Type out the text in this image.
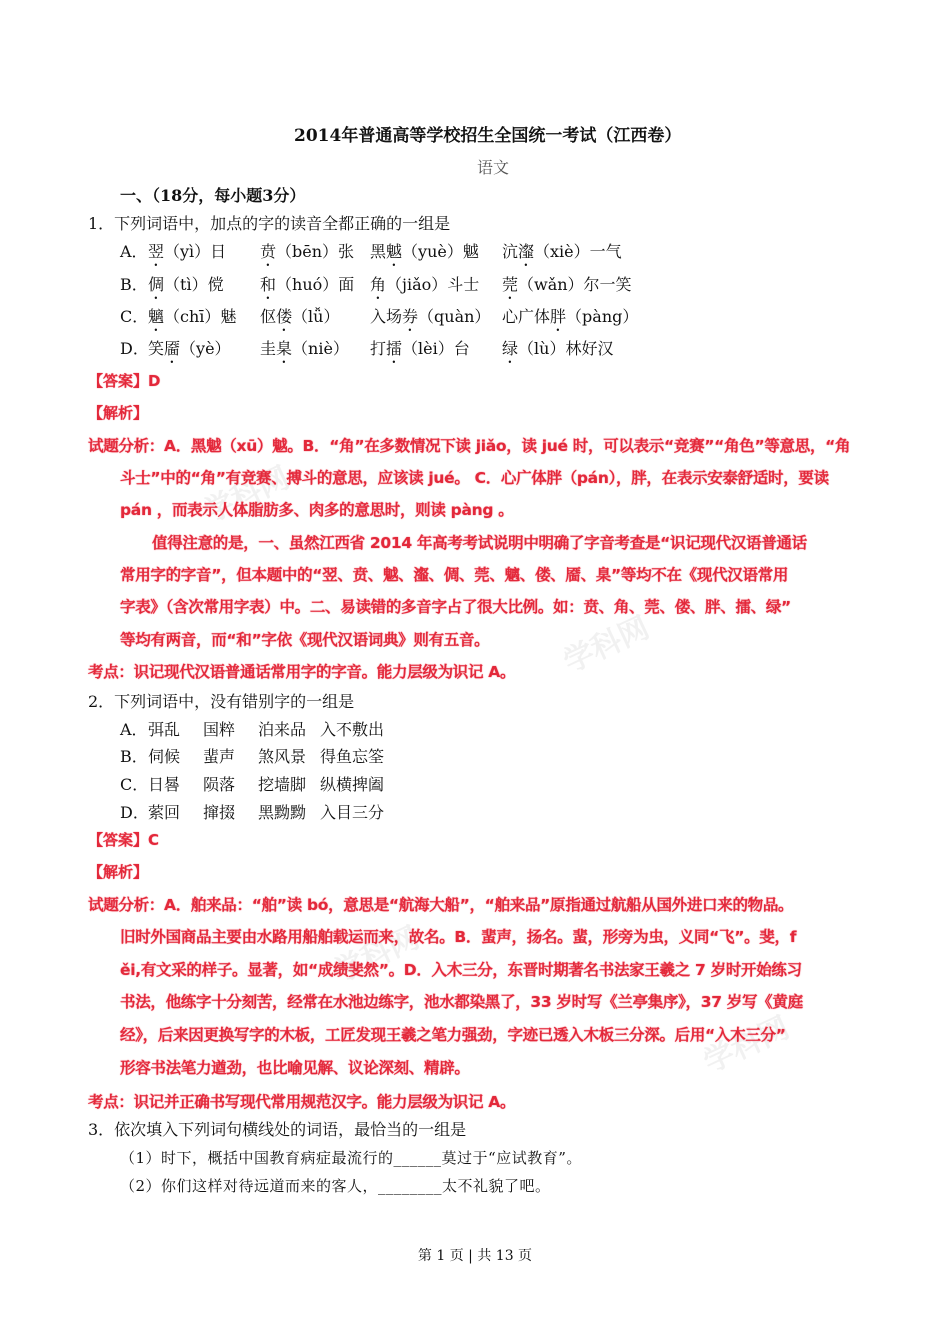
学科网
学科网
学科网
学科网
2014年普通高等学校招生全国统一考试（江西卷）
语文
一、（18分，每小题3分）
1．下列词语中，加点的字的读音全都正确的一组是
A． 翌（yì）日 贲（bēn）张 黑魆（yuè）魆 沆瀣（xiè）一气
B． 倜（tì）傥 和（huó）面 角（jiǎo）斗士 莞（wǎn）尔一笑
C． 魑（chī）魅 伛偻（lǚ） 入场券（quàn） 心广体胖（pàng）
D． 笑靥（yè） 圭臬（niè） 打擂（lèi）台 绿（lù）林好汉
【答案】D
【解析】
试题分析：A．黑魆（xū）魆。B．“角”在多数情况下读 jiǎo，读 jué 时，可以表示“竞赛”“角色”等意思，“角
斗士”中的“角”有竞赛、搏斗的意思，应该读 jué。 C．心广体胖（pán），胖，在表示安泰舒适时，要读
pán ，而表示人体脂肪多、肉多的意思时，则读 pàng 。
值得注意的是，一、虽然江西省 2014 年高考考试说明中明确了字音考查是“识记现代汉语普通话
常用字的字音”，但本题中的“翌、贲、魆、瀣、倜、莞、魑、偻、靥、臬”等均不在《现代汉语常用
字表》（含次常用字表）中。二、易读错的多音字占了很大比例。如：贲、角、莞、偻、胖、擂、绿”
等均有两音，而“和”字依《现代汉语词典》则有五音。
考点：识记现代汉语普通话常用字的字音。能力层级为识记 A。
2．下列词语中，没有错别字的一组是
A． 弭乱 国粹 泊来品 入不敷出
B． 伺候 蜚声 煞风景 得鱼忘筌
C． 日晷 陨落 挖墙脚 纵横捭阖
D． 萦回 撺掇 黑黝黝 入目三分
【答案】C
【解析】
试题分析：A．舶来品：“舶”读 bó，意思是“航海大船”，“舶来品”原指通过航船从国外进口来的物品。
旧时外国商品主要由水路用船舶载运而来，故名。B．蜚声，扬名。蜚，形旁为虫，义同“飞”。斐，f
ěi,有文采的样子。显著，如“成绩斐然”。D．入木三分，东晋时期著名书法家王羲之 7 岁时开始练习
书法，他练字十分刻苦，经常在水池边练字，池水都染黑了，33 岁时写《兰亭集序》，37 岁写《黄庭
经》，后来因更换写字的木板，工匠发现王羲之笔力强劲，字迹已透入木板三分深。后用“入木三分”
形容书法笔力遒劲，也比喻见解、议论深刻、精辟。
考点：识记并正确书写现代常用规范汉字。能力层级为识记 A。
3．依次填入下列词句横线处的词语，最恰当的一组是
（1）时下，概括中国教育病症最流行的______莫过于“应试教育”。
（2）你们这样对待远道而来的客人，________太不礼貌了吧。
第 1 页 | 共 13 页
